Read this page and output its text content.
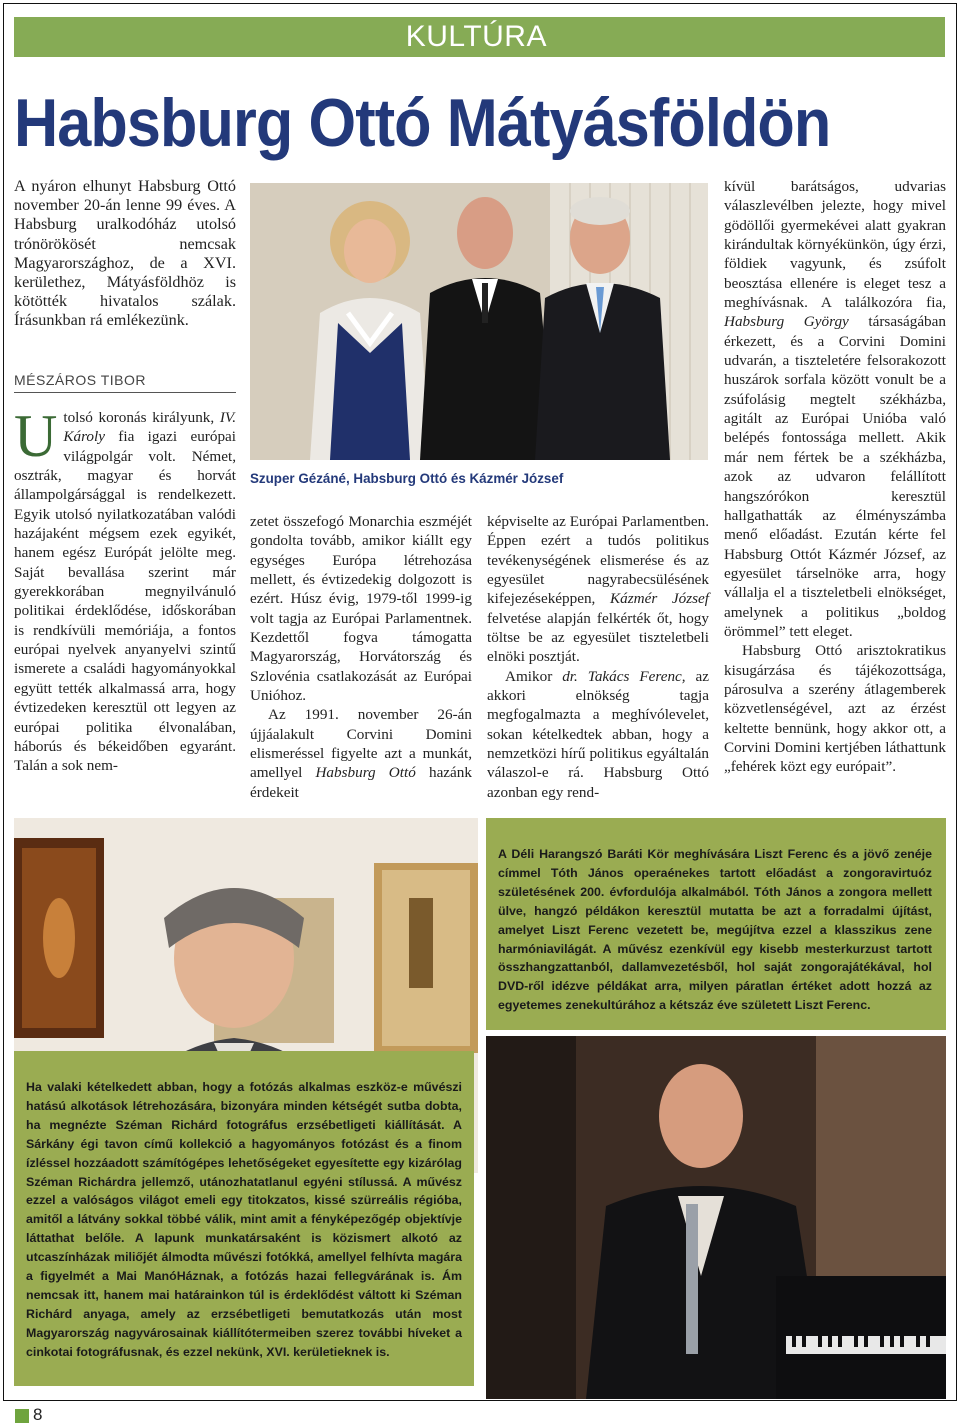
KULTÚRA
Habsburg Ottó Mátyásföldön

A nyáron elhunyt Habsburg Ottó november 20-án lenne 99 éves. A Habsburg uralkodóház utolsó trónörökösét nemcsak Magyarországhoz, de a XVI. kerülethez, Mátyásföldhöz is kötötték hivatalos szálak. Írásunkban rá emlékezünk.

MÉSZÁROS TIBOR

Utolsó koronás királyunk, IV. Károly fia igazi európai világpolgár volt. Német, osztrák, magyar és horvát állampolgársággal is rendelkezett. Egyik utolsó nyilatkozatában valódi hazájaként mégsem ezek egyikét, hanem egész Európát jelölte meg. Saját bevallása szerint már gyerekkorában megnyilvánuló politikai érdeklődése, időskorában is rendkívüli memóriája, a fontos európai nyelvek anyanyelvi szintű ismerete a családi hagyományokkal együtt tették alkalmassá arra, hogy évtizedeken keresztül ott legyen az európai politika élvonalában, háborús és békeidőben egyaránt. Talán a sok nem-

zetet összefogó Monarchia eszméjét gondolta tovább, amikor kiállt egy egységes Európa létrehozása mellett, és évtizedekig dolgozott is ezért. Húsz évig, 1979-től 1999-ig volt tagja az Európai Parlamentnek. Kezdettől fogva támogatta Magyarország, Horvátország és Szlovénia csatlakozását az Európai Unióhoz.

Az 1991. november 26-án újjáalakult Corvini Domini elismeréssel figyelte azt a munkát, amellyel Habsburg Ottó hazánk érdekeit

képviselte az Európai Parlamentben. Éppen ezért a tudós politikus tevékenységének elismerése és az egyesület nagyrabecsülésének kifejezéseképpen, Kázmér József felvetése alapján felkérték őt, hogy töltse be az egyesület tiszteletbeli elnöki posztját.

Amikor dr. Takács Ferenc, az akkori elnökség tagja megfogalmazta a meghívólevelet, sokan kételkedtek abban, hogy a nemzetközi hírű politikus egyáltalán válaszol-e rá. Habsburg Ottó azonban egy rend-

kívül barátságos, udvarias válaszlevélben jelezte, hogy mivel gödöllői gyermekévei alatt gyakran kirándultak környékünkön, úgy érzi, földiek vagyunk, és zsúfolt beosztása ellenére is eleget tesz a meghívásnak. A találkozóra fia, Habsburg György társaságában érkezett, és a Corvini Domini udvarán, a tiszteletére felsorakozott huszárok sorfala között vonult be a zsúfolásig megtelt székházba, agitált az Európai Unióba való belépés fontossága mellett. Akik már nem fértek be a székházba, azok az udvaron felállított hangszórókon keresztül hallgathatták az élményszámba menő előadást. Ezután kérte fel Habsburg Ottót Kázmér József, az egyesület társelnöke arra, hogy vállalja el a tiszteletbeli elnökséget, amelynek a politikus „boldog örömmel” tett eleget.

Habsburg Ottó arisztokratikus kisugárzása és tájékozottsága, párosulva a szerény átlagemberek közvetlenségével, azt az érzést keltette bennünk, hogy akkor ott, a Corvini Domini kertjében láthattunk „fehérek közt egy európait”.

Szuper Gézáné, Habsburg Ottó és Kázmér József

A Déli Harangszó Baráti Kör meghívására Liszt Ferenc és a jövő zenéje címmel Tóth János operaénekes tartott előadást a zongoravirtuóz születésének 200. évfordulója alkalmából. Tóth János a zongora mellett ülve, hangzó példákon keresztül mutatta be azt a forradalmi újítást, amelyet Liszt Ferenc vezetett be, megújítva ezzel a klasszikus zene harmóniavilágát. A művész ezenkívül egy kisebb mesterkurzust tartott összhangzattanból, dallamvezetésből, hol saját zongorajátékával, hol DVD-ről idézve példákat arra, milyen páratlan értéket adott hozzá az egyetemes zenekultúrához a kétszáz éve született Liszt Ferenc.

Ha valaki kételkedett abban, hogy a fotózás alkalmas eszköz-e művészi hatású alkotások létrehozására, bizonyára minden kétségét sutba dobta, ha megnézte Széman Richárd fotográfus erzsébetligeti kiállítását. A Sárkány égi tavon című kollekció a hagyományos fotózást és a finom ízléssel hozzáadott számítógépes lehetőségeket egyesítette egy kizárólag Széman Richárdra jellemző, utánozhatatlanul egyéni stílussá. A művész ezzel a valóságos világot emeli egy titokzatos, kissé szürreális régióba, amitől a látvány sokkal többé válik, mint amit a fényképezőgép objektívje láttathat belőle. A lapunk munkatársaként is közismert alkotó az utcaszínházak miliőjét álmodta művészi fotókká, amellyel felhívta magára a figyelmét a Mai ManóHáznak, a fotózás hazai fellegvárának is. Ám nemcsak itt, hanem mai határainkon túl is érdeklődést váltott ki Széman Richárd anyaga, amely az erzsébetligeti bemutatkozás után most Magyarország nagyvárosainak kiállítótermeiben szerez további híveket a cinkotai fotográfusnak, és ezzel nekünk, XVI. kerületieknek is.

8
